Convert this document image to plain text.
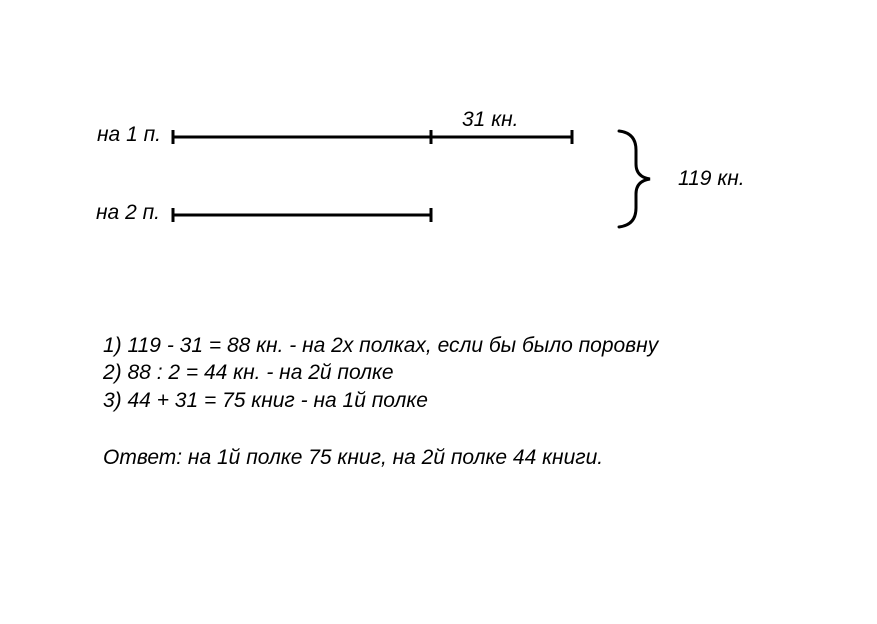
на 1 п.
на 2 п.
31 кн.
119 кн.
1) 119 - 31 = 88 кн. - на 2х полках, если бы было поровну
2) 88 : 2 = 44 кн. - на 2й полке
3) 44 + 31 = 75 книг - на 1й полке
Ответ: на 1й полке 75 книг, на 2й полке 44 книги.
